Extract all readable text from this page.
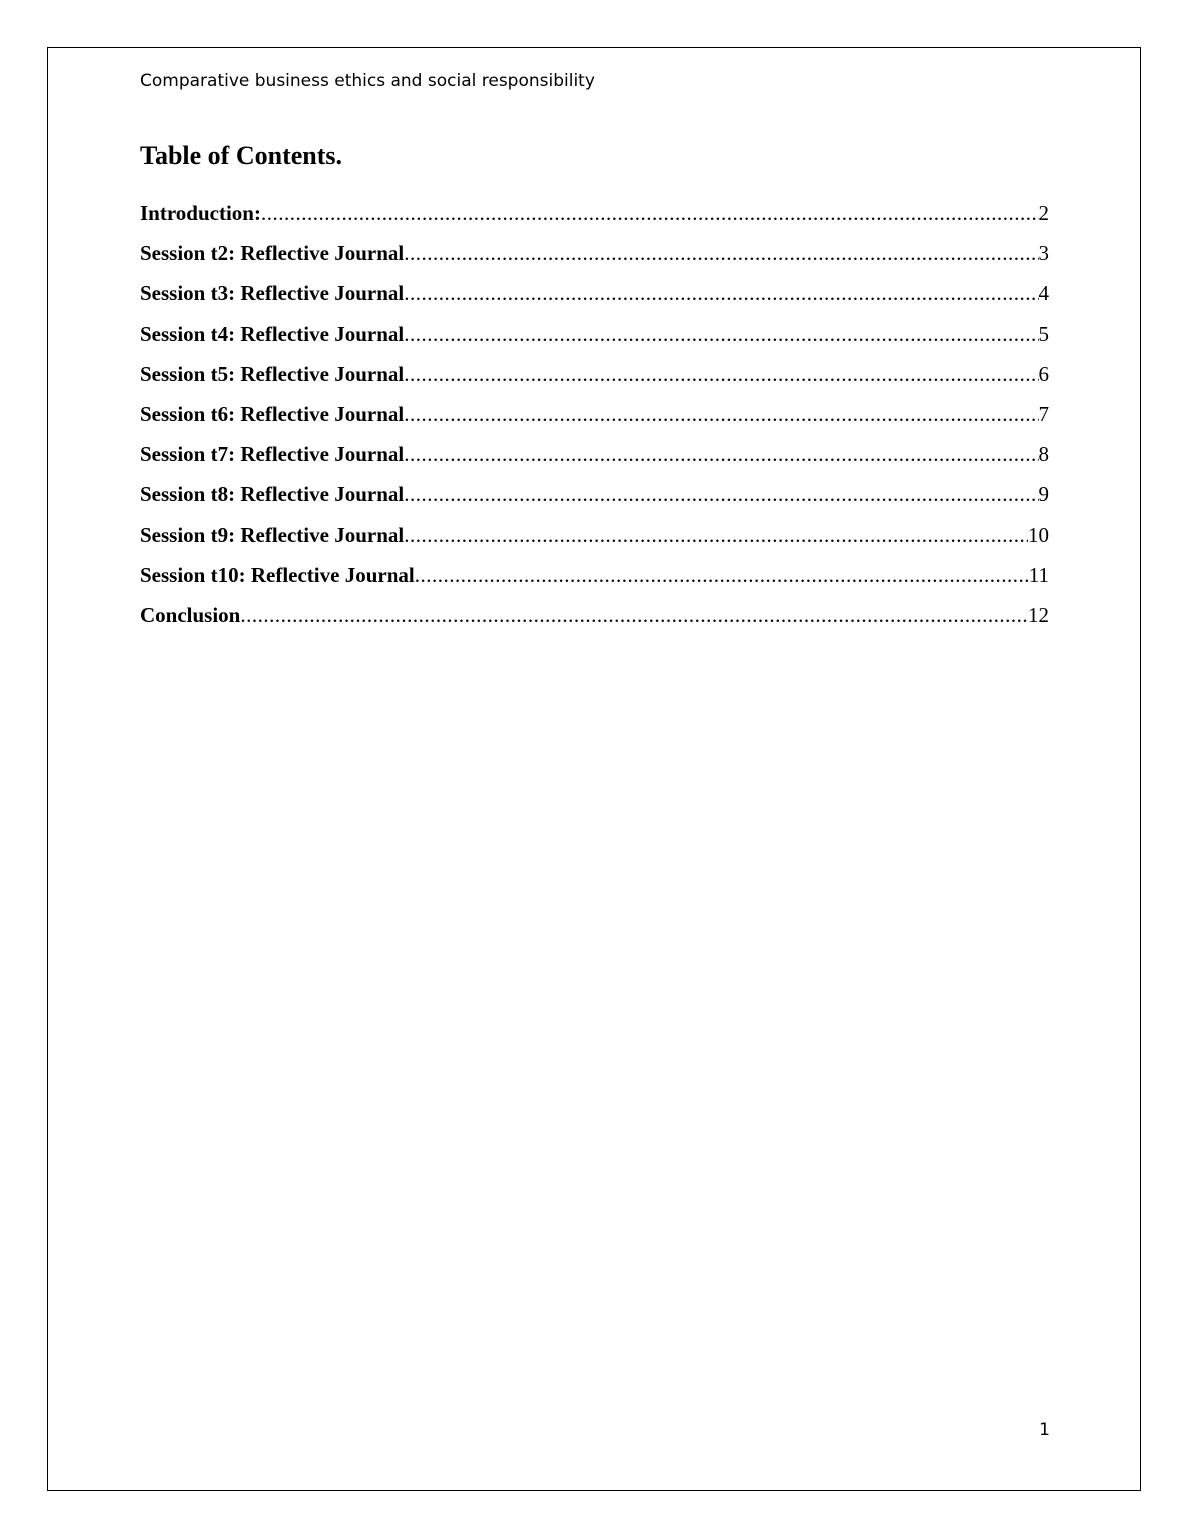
Comparative business ethics and social responsibility
Table of Contents.
Introduction: .....	2
Session t2: Reflective Journal .....	3
Session t3: Reflective Journal .....	4
Session t4: Reflective Journal .....	5
Session t5: Reflective Journal .....	6
Session t6: Reflective Journal .....	7
Session t7: Reflective Journal .....	8
Session t8: Reflective Journal .....	9
Session t9: Reflective Journal .....	10
Session t10: Reflective Journal .....	11
Conclusion .....	12
1
